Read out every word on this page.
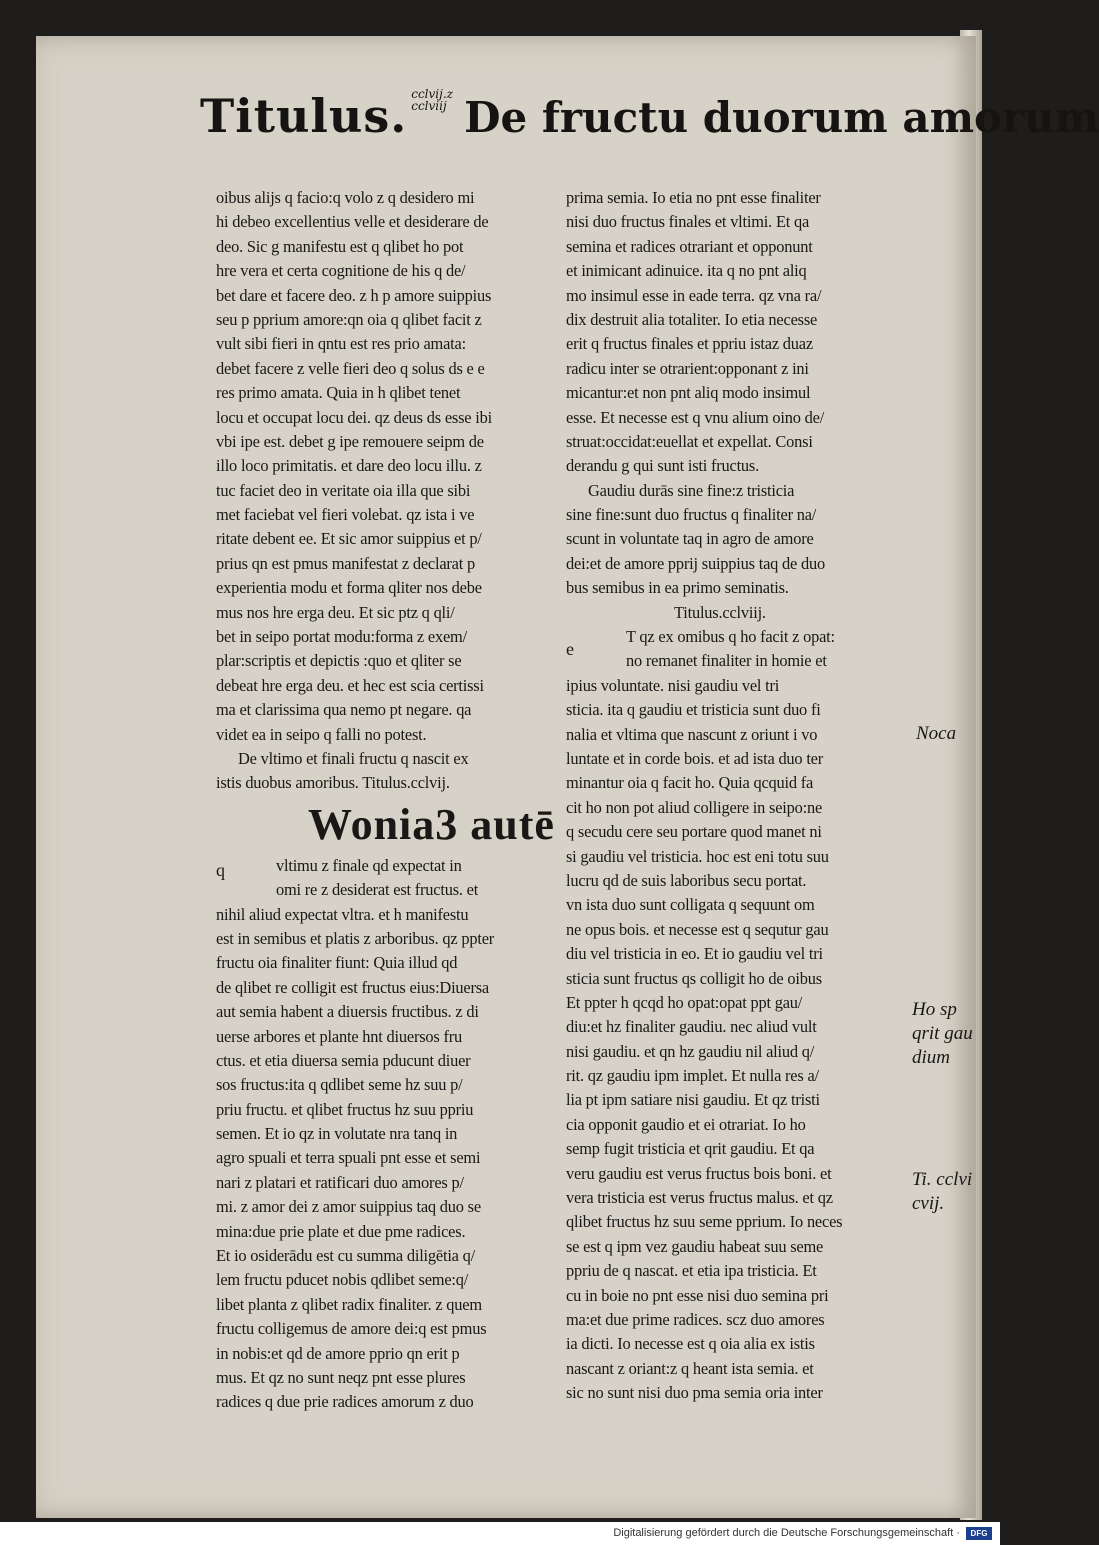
Titulus. cclvij.z
cclviij De fructu duorum amorum
oibus alijs q facio:q volo z q desidero mi
hi debeo excellentius velle et desiderare de
deo. Sic g manifestu est q qlibet ho pot
hre vera et certa cognitione de his q de/
bet dare et facere deo. z h p amore suippius
seu p pprium amore:qn oia q qlibet facit z
vult sibi fieri in qntu est res prio amata:
debet facere z velle fieri deo q solus ds e e
res primo amata. Quia in h qlibet tenet
locu et occupat locu dei. qz deus ds esse ibi
vbi ipe est. debet g ipe remouere seipm de
illo loco primitatis. et dare deo locu illu. z
tuc faciet deo in veritate oia illa que sibi
met faciebat vel fieri volebat. qz ista i ve
ritate debent ee. Et sic amor suippius et p/
prius qn est pmus manifestat z declarat p
experientia modu et forma qliter nos debe
mus nos hre erga deu. Et sic ptz q qli/
bet in seipo portat modu:forma z exem/
plar:scriptis et depictis :quo et qliter se
debeat hre erga deu. et hec est scia certissi
ma et clarissima qua nemo pt negare. qa
videt ea in seipo q falli no potest.
De vltimo et finali fructu q nascit ex
istis duobus amoribus. Titulus.cclvij.
Wonia3 autē
q	vltimu z finale qd expectat in
omi re z desiderat est fructus. et
nihil aliud expectat vltra. et h manifestu
est in semibus et platis z arboribus. qz ppter
fructu oia finaliter fiunt: Quia illud qd
de qlibet re colligit est fructus eius:Diuersa
aut semia habent a diuersis fructibus. z di
uerse arbores et plante hnt diuersos fru
ctus. et etia diuersa semia pducunt diuer
sos fructus:ita q qdlibet seme hz suu p/
priu fructu. et qlibet fructus hz suu ppriu
semen. Et io qz in volutate nra tanq in
agro spuali et terra spuali pnt esse et semi
nari z platari et ratificari duo amores p/
mi. z amor dei z amor suippius taq duo se
mina:due prie plate et due pme radices.
Et io osiderādu est cu summa diligētia q/
lem fructu pducet nobis qdlibet seme:q/
libet planta z qlibet radix finaliter. z quem
fructu colligemus de amore dei:q est pmus
in nobis:et qd de amore pprio qn erit p
mus. Et qz no sunt neqz pnt esse plures
radices q due prie radices amorum z duo
prima semia. Io etia no pnt esse finaliter
nisi duo fructus finales et vltimi. Et qa
semina et radices otrariant et opponunt
et inimicant adinuice. ita q no pnt aliq
mo insimul esse in eade terra. qz vna ra/
dix destruit alia totaliter. Io etia necesse
erit q fructus finales et ppriu istaz duaz
radicu inter se otrarient:opponant z ini
micantur:et non pnt aliq modo insimul
esse. Et necesse est q vnu alium oino de/
struat:occidat:euellat et expellat. Consi
derandu g qui sunt isti fructus.
Gaudiu durās sine fine:z tristicia
sine fine:sunt duo fructus q finaliter na/
scunt in voluntate taq in agro de amore
dei:et de amore pprij suippius taq de duo
bus semibus in ea primo seminatis.
Titulus.cclviij.
e
T qz ex omibus q ho facit z opat:
no remanet finaliter in homie et
ipius voluntate. nisi gaudiu vel tri
sticia. ita q gaudiu et tristicia sunt duo fi
nalia et vltima que nascunt z oriunt i vo
luntate et in corde bois. et ad ista duo ter
minantur oia q facit ho. Quia qcquid fa
cit ho non pot aliud colligere in seipo:ne
q secudu cere seu portare quod manet ni
si gaudiu vel tristicia. hoc est eni totu suu
lucru qd de suis laboribus secu portat.
vn ista duo sunt colligata q sequunt om
ne opus bois. et necesse est q sequtur gau
diu vel tristicia in eo. Et io gaudiu vel tri
sticia sunt fructus qs colligit ho de oibus
Et ppter h qcqd ho opat:opat ppt gau/
diu:et hz finaliter gaudiu. nec aliud vult
nisi gaudiu. et qn hz gaudiu nil aliud q/
rit. qz gaudiu ipm implet. Et nulla res a/
lia pt ipm satiare nisi gaudiu. Et qz tristi
cia opponit gaudio et ei otrariat. Io ho
semp fugit tristicia et qrit gaudiu. Et qa
veru gaudiu est verus fructus bois boni. et
vera tristicia est verus fructus malus. et qz
qlibet fructus hz suu seme pprium. Io neces
se est q ipm vez gaudiu habeat suu seme
ppriu de q nascat. et etia ipa tristicia. Et
cu in boie no pnt esse nisi duo semina pri
ma:et due prime radices. scz duo amores
ia dicti. Io necesse est q oia alia ex istis
nascant z oriant:z q heant ista semia. et
sic no sunt nisi duo pma semia oria inter
Noca
Ho sp
qrit gau
dium
Ti. cclvi
cvij.
Digitalisierung gefördert durch die Deutsche Forschungsgemeinschaft ·	DFG
